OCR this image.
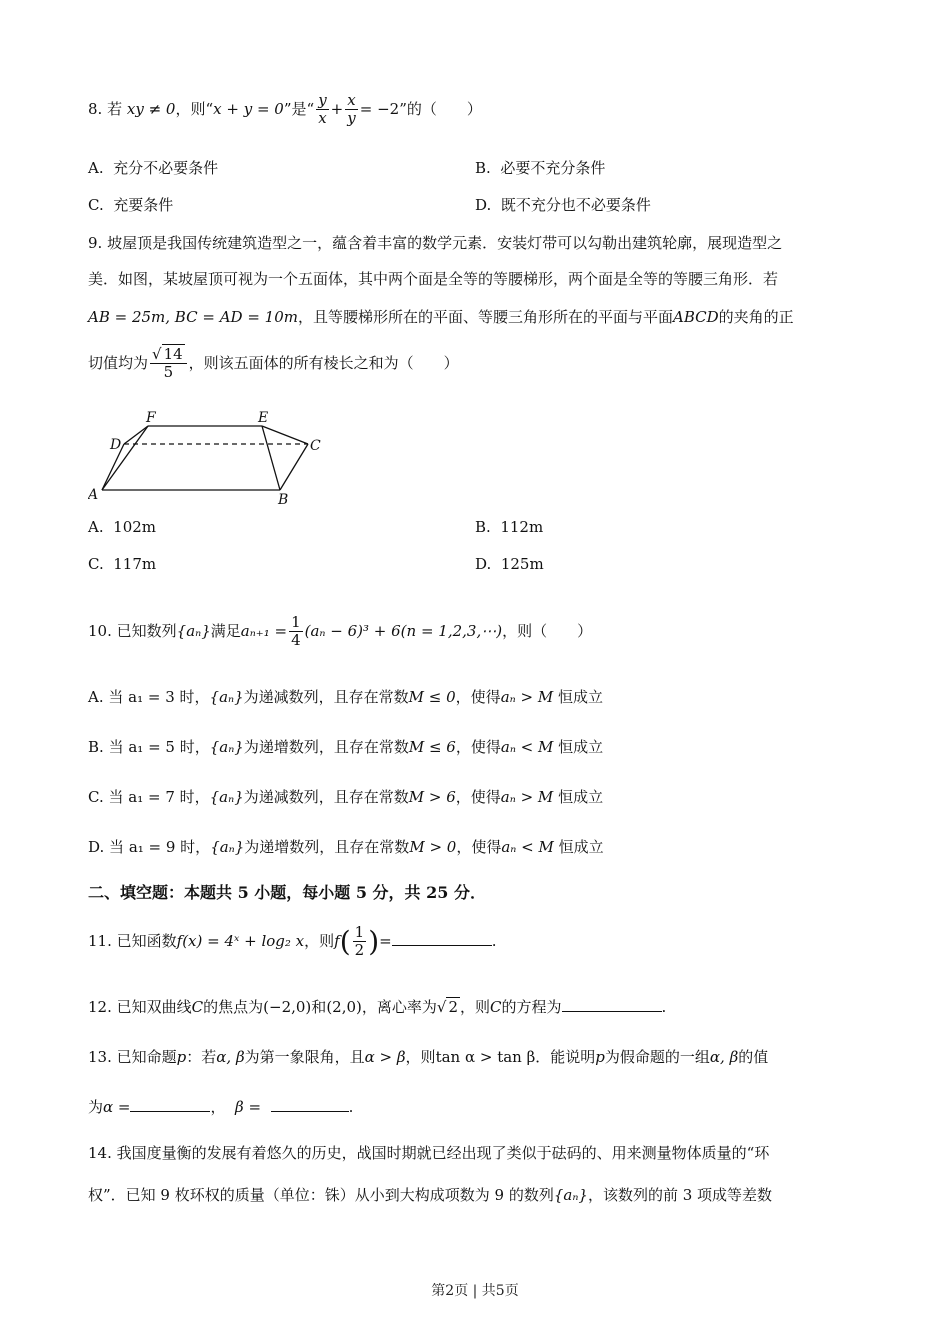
8. 若 xy ≠ 0，则“x + y = 0”是“ $\frac{y}{x} + \frac{x}{y} = -2$”的（　　）
A. 充分不必要条件	B. 必要不充分条件
C. 充要条件	D. 既不充分也不必要条件
9. 坡屋顶是我国传统建筑造型之一，蕴含着丰富的数学元素．安装灯带可以勾勒出建筑轮廓，展现造型之
美．如图，某坡屋顶可视为一个五面体，其中两个面是全等的等腰梯形，两个面是全等的等腰三角形．若
AB = 25m, BC = AD = 10m，且等腰梯形所在的平面、等腰三角形所在的平面与平面ABCD的夹角的正
切值均为 $\frac{√ 14}{5}$ ，则该五面体的所有棱长之和为（　　）
A	B
C
D
E
F
A. 102m	B. 112m
C. 117m	D. 125m
10. 已知数列{aₙ}满足$a_{n+1} = \frac{1}{4} (a_n - 6)^3 + 6(n$ = 1,2,3,⋯)，则（　　）
A. 当 a₁ = 3 时，{aₙ}为递减数列，且存在常数M ≤ 0，使得aₙ > M 恒成立
B. 当 a₁ = 5 时，{aₙ}为递增数列，且存在常数M ≤ 6，使得aₙ < M 恒成立
C. 当 a₁ = 7 时，{aₙ}为递减数列，且存在常数M > 6，使得aₙ > M 恒成立
D. 当 a₁ = 9 时，{aₙ}为递增数列，且存在常数M > 0，使得aₙ < M 恒成立
二、填空题：本题共 5 小题，每小题 5 分，共 25 分．
11. 已知函数f(x) = 4ˣ + log₂ x，则$f( \frac{1}{2}$ )=	.
12. 已知双曲线C的焦点为(−2,0)和(2,0)，离心率为√ 2 ，则C的方程为	.
13. 已知命题p：若α, β为第一象限角，且α > β，则tan α > tan β．能说明p为假命题的一组α, β的值
为α =	， β =	.
14. 我国度量衡的发展有着悠久的历史，战国时期就已经出现了类似于砝码的、用来测量物体质量的“环
权”．已知 9 枚环权的质量（单位：铢）从小到大构成项数为 9 的数列{aₙ}，该数列的前 3 项成等差数
第2页 | 共5页
